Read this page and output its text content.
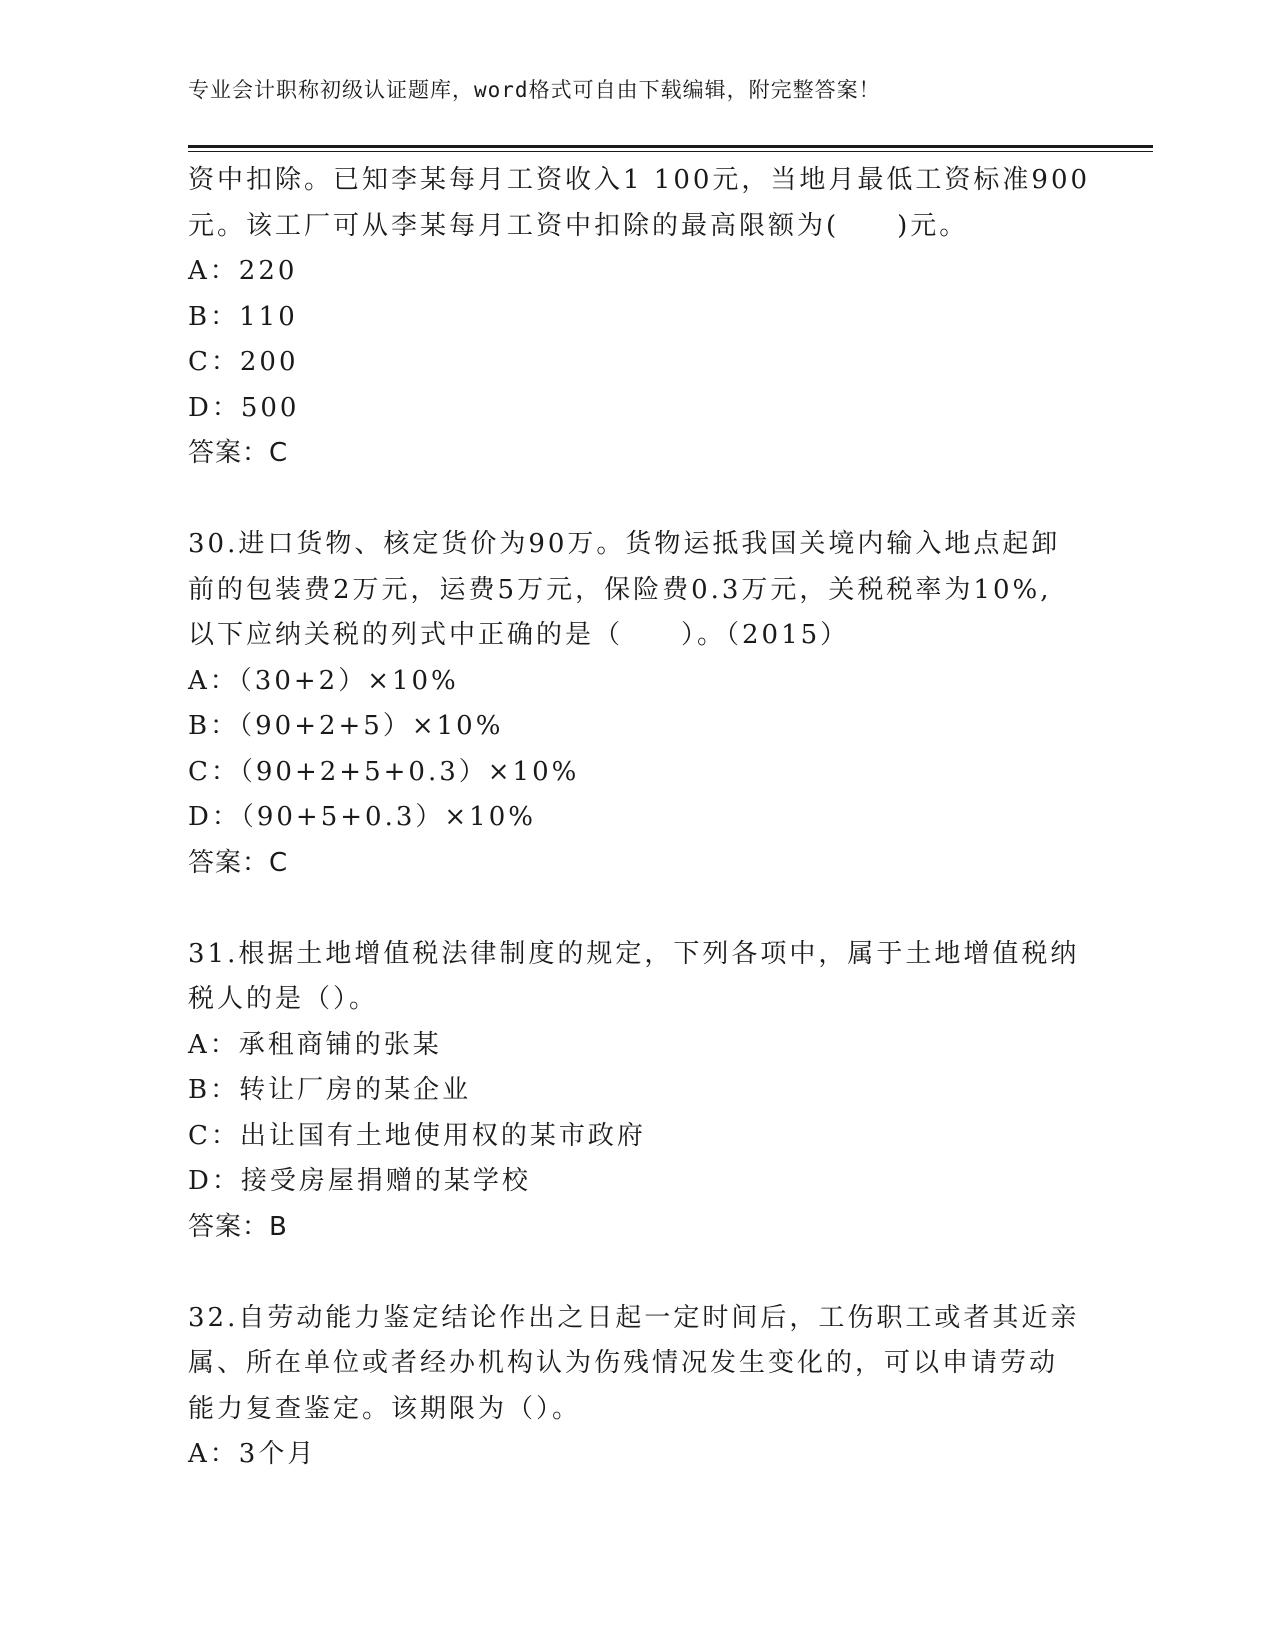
专业会计职称初级认证题库，word格式可自由下载编辑，附完整答案！
资中扣除。已知李某每月工资收入1 100元，当地月最低工资标准900
元。该工厂可从李某每月工资中扣除的最高限额为(　　)元。
A：220
B：110
C：200
D：500
答案：C
30.进口货物、核定货价为90万。货物运抵我国关境内输入地点起卸
前的包装费2万元，运费5万元，保险费0.3万元，关税税率为10%,
以下应纳关税的列式中正确的是（　　）。（2015）
A：（30+2）×10%
B：（90+2+5）×10%
C：（90+2+5+0.3）×10%
D：（90+5+0.3）×10%
答案：C
31.根据土地增值税法律制度的规定，下列各项中，属于土地增值税纳
税人的是（）。
A：承租商铺的张某
B：转让厂房的某企业
C：出让国有土地使用权的某市政府
D：接受房屋捐赠的某学校
答案：B
32.自劳动能力鉴定结论作出之日起一定时间后，工伤职工或者其近亲
属、所在单位或者经办机构认为伤残情况发生变化的，可以申请劳动
能力复查鉴定。该期限为（）。
A：3个月
